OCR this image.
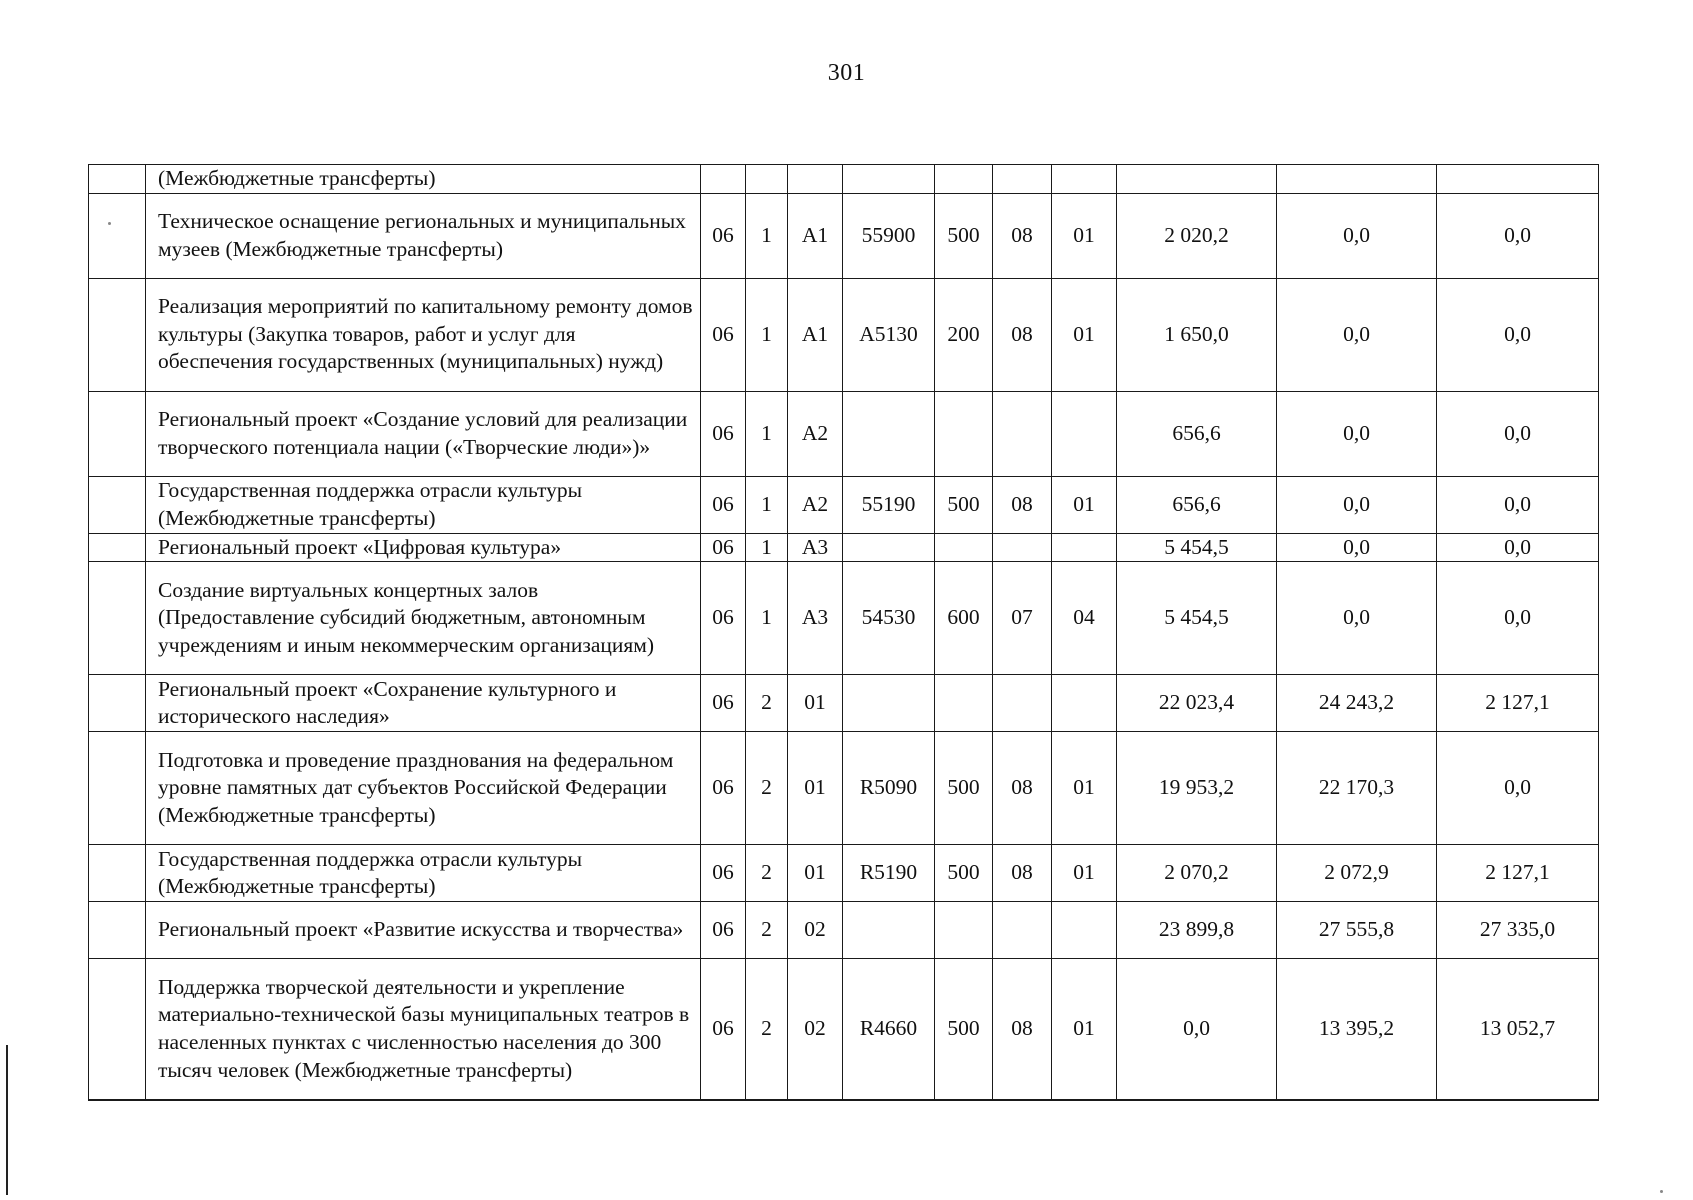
301
	(Межбюджетные трансферты)										
	Техническое оснащение региональных и муниципальных музеев (Межбюджетные трансферты)	06	1	A1	55900	500	08	01	2 020,2	0,0	0,0
	Реализация мероприятий по капитальному ремонту домов культуры (Закупка товаров, работ и услуг для обеспечения государственных (муниципальных) нужд)	06	1	A1	A5130	200	08	01	1 650,0	0,0	0,0
	Региональный проект «Создание условий для реализации творческого потенциала нации («Творческие люди»)»	06	1	A2					656,6	0,0	0,0
	Государственная поддержка отрасли культуры (Межбюджетные трансферты)	06	1	A2	55190	500	08	01	656,6	0,0	0,0
	Региональный проект «Цифровая культура»	06	1	A3					5 454,5	0,0	0,0
	Создание виртуальных концертных залов (Предоставление субсидий бюджетным, автономным учреждениям и иным некоммерческим организациям)	06	1	A3	54530	600	07	04	5 454,5	0,0	0,0
	Региональный проект «Сохранение культурного и исторического наследия»	06	2	01					22 023,4	24 243,2	2 127,1
	Подготовка и проведение празднования на федеральном уровне памятных дат субъектов Российской Федерации (Межбюджетные трансферты)	06	2	01	R5090	500	08	01	19 953,2	22 170,3	0,0
	Государственная поддержка отрасли культуры (Межбюджетные трансферты)	06	2	01	R5190	500	08	01	2 070,2	2 072,9	2 127,1
	Региональный проект «Развитие искусства и творчества»	06	2	02					23 899,8	27 555,8	27 335,0
	Поддержка творческой деятельности и укрепление материально-технической базы муниципальных театров в населенных пунктах с численностью населения до 300 тысяч человек (Межбюджетные трансферты)	06	2	02	R4660	500	08	01	0,0	13 395,2	13 052,7
